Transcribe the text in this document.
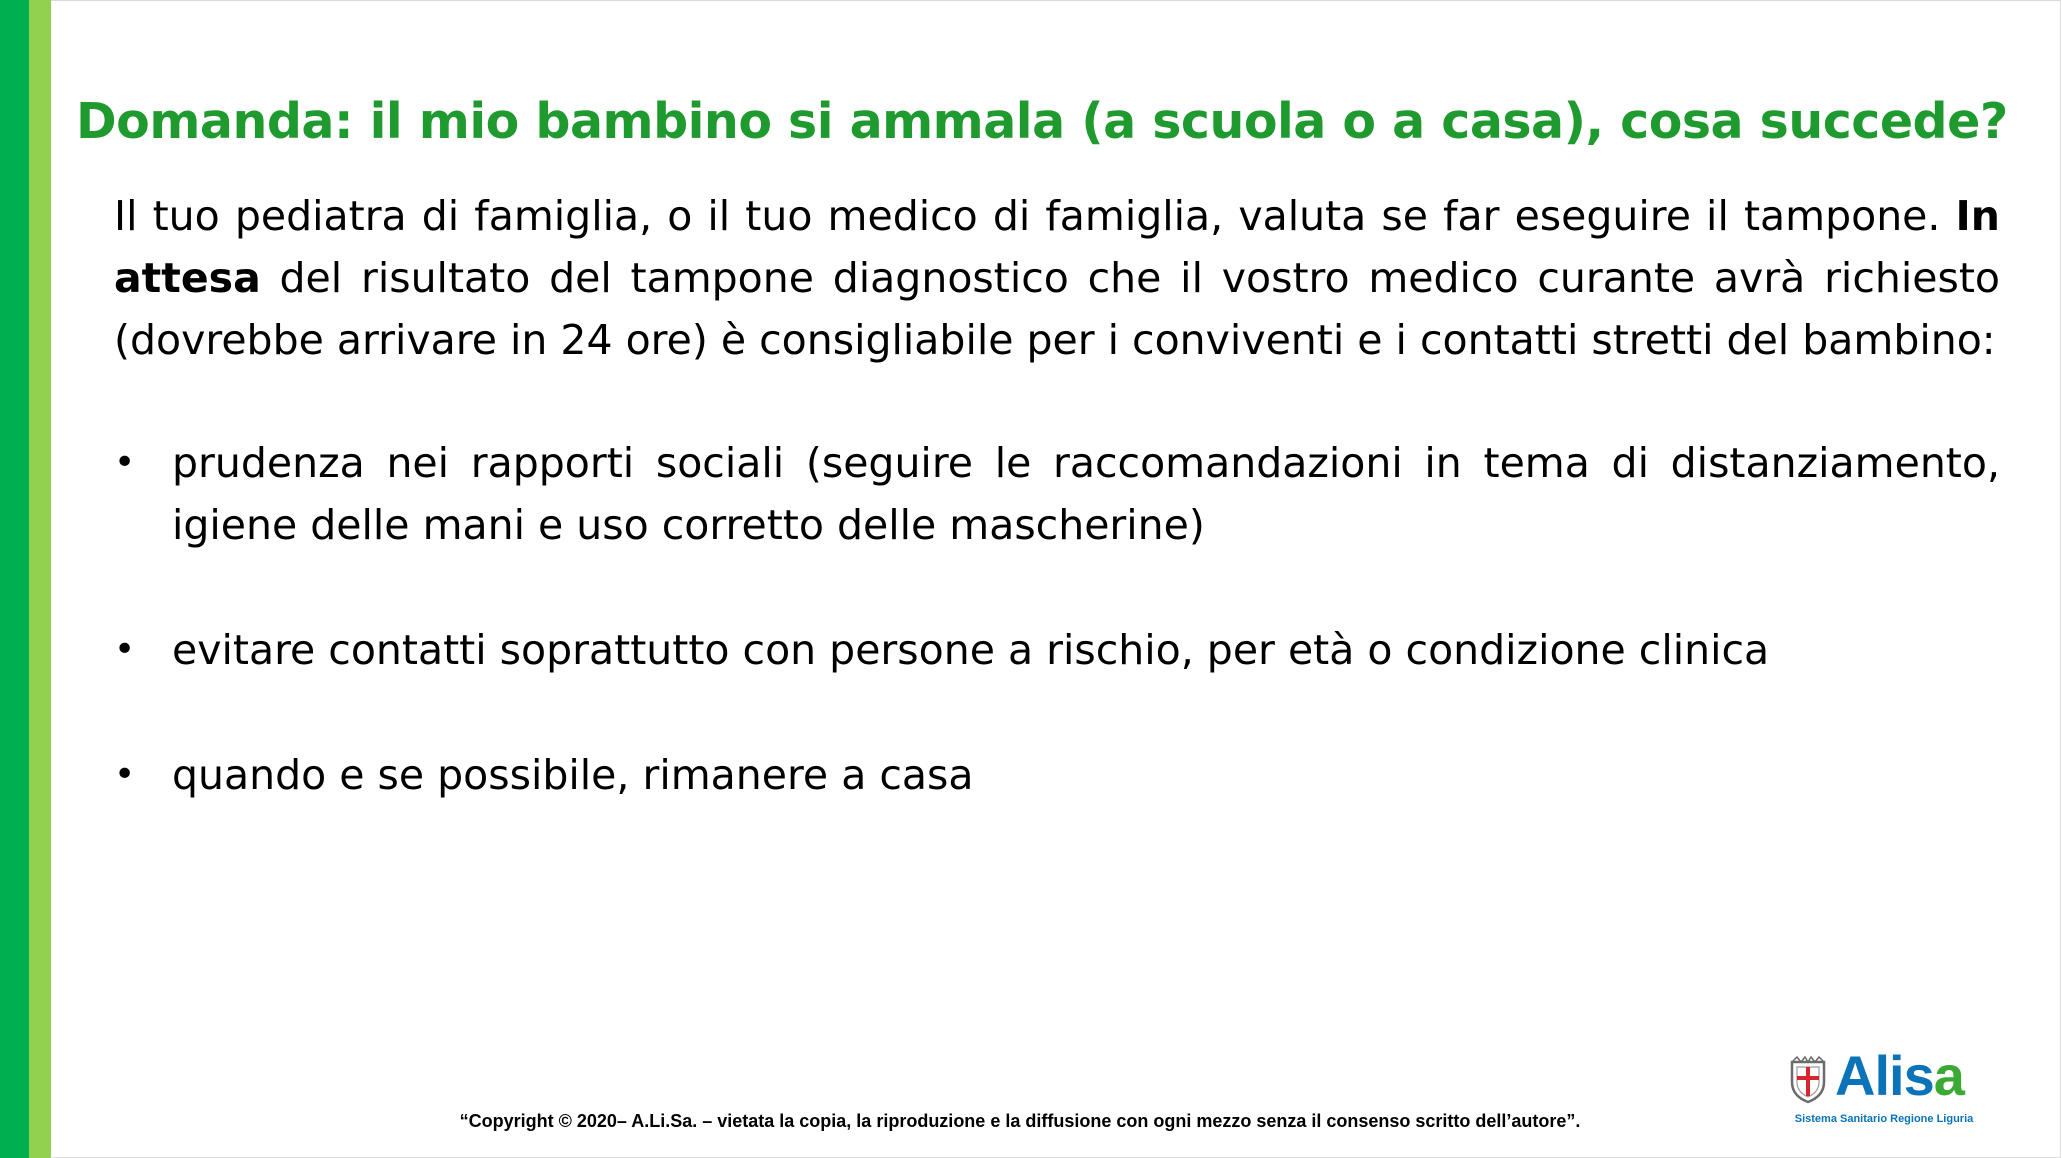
Domanda: il mio bambino si ammala (a scuola o a casa), cosa succede?

Il tuo pediatra di famiglia, o il tuo medico di famiglia, valuta se far eseguire il tampone. In attesa del risultato del tampone diagnostico che il vostro medico curante avrà richiesto (dovrebbe arrivare in 24 ore) è consigliabile per i conviventi e i contatti stretti del bambino:

• prudenza nei rapporti sociali (seguire le raccomandazioni in tema di distanziamento, igiene delle mani e uso corretto delle mascherine)
• evitare contatti soprattutto con persone a rischio, per età o condizione clinica
• quando e se possibile, rimanere a casa
“Copyright © 2020– A.Li.Sa. – vietata la copia, la riproduzione e la diffusione con ogni mezzo senza il consenso scritto dell’autore”.
Alisa
Sistema Sanitario Regione Liguria
